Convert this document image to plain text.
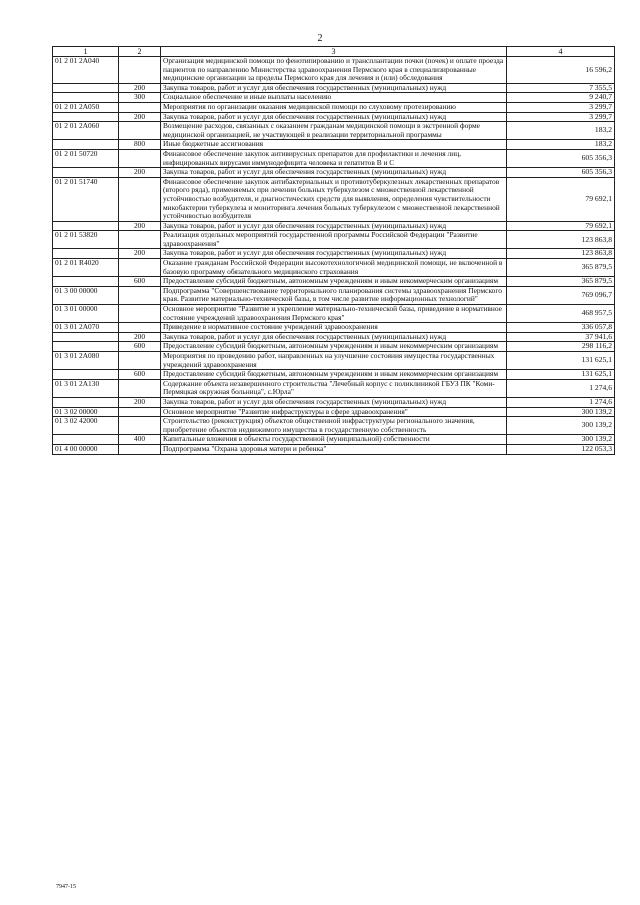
2
1	2	3	4
01 2 01 2А040		Организация медицинской помощи по фенотипированию и трансплантации почки (почек) и оплате проезда пациентов по направлению Министерства здравоохранения Пермского края в специализированные медицинские организации за пределы Пермского края для лечения и (или) обследования	16 596,2
	200	Закупка товаров, работ и услуг для обеспечения государственных (муниципальных) нужд	7 355,5
	300	Социальное обеспечение и иные выплаты населению	9 240,7
01 2 01 2А050		Мероприятия по организации оказания медицинской помощи по слуховому протезированию	3 299,7
	200	Закупка товаров, работ и услуг для обеспечения государственных (муниципальных) нужд	3 299,7
01 2 01 2А060		Возмещение расходов, связанных с оказанием гражданам медицинской помощи в экстренной форме медицинской организацией, не участвующей в реализации территориальной программы	183,2
	800	Иные бюджетные ассигнования	183,2
01 2 01 50720		Финансовое обеспечение закупок антивирусных препаратов для профилактики и лечения лиц, инфицированных вирусами иммунодефицита человека и гепатитов В и С	605 356,3
	200	Закупка товаров, работ и услуг для обеспечения государственных (муниципальных) нужд	605 356,3
01 2 01 51740		Финансовое обеспечение закупок антибактериальных и противотуберкулезных лекарственных препаратов (второго ряда), применяемых при лечении больных туберкулезом с множественной лекарственной устойчивостью возбудителя, и диагностических средств для выявления, определения чувствительности микобактерии туберкулеза и мониторинга лечения больных туберкулезом с множественной лекарственной устойчивостью возбудителя	79 692,1
	200	Закупка товаров, работ и услуг для обеспечения государственных (муниципальных) нужд	79 692,1
01 2 01 53820		Реализация отдельных мероприятий государственной программы Российской Федерации "Развитие здравоохранения"	123 863,8
	200	Закупка товаров, работ и услуг для обеспечения государственных (муниципальных) нужд	123 863,8
01 2 01 R4020		Оказание гражданам Российской Федерации высокотехнологичной медицинской помощи, не включенной в базовую программу обязательного медицинского страхования	365 879,5
	600	Предоставление субсидий бюджетным, автономным учреждениям и иным некоммерческим организациям	365 879,5
01 3 00 00000		Подпрограмма "Совершенствование территориального планирования системы здравоохранения Пермского края. Развитие материально-технической базы, в том числе развитие информационных технологий"	769 096,7
01 3 01 00000		Основное мероприятие "Развитие и укрепление материально-технической базы, приведение в нормативное состояние учреждений здравоохранения Пермского края"	468 957,5
01 3 01 2А070		Приведение в нормативное состояние учреждений здравоохранения	336 057,8
	200	Закупка товаров, работ и услуг для обеспечения государственных (муниципальных) нужд	37 941,6
	600	Предоставление субсидий бюджетным, автономным учреждениям и иным некоммерческим организациям	298 116,2
01 3 01 2А080		Мероприятия по проведению работ, направленных на улучшение состояния имущества государственных учреждений здравоохранения	131 625,1
	600	Предоставление субсидий бюджетным, автономным учреждениям и иным некоммерческим организациям	131 625,1
01 3 01 2А130		Содержание объекта незавершенного строительства "Лечебный корпус с поликлиникой ГБУЗ ПК "Коми-Пермяцкая окружная больница", с.Юрла"	1 274,6
	200	Закупка товаров, работ и услуг для обеспечения государственных (муниципальных) нужд	1 274,6
01 3 02 00000		Основное мероприятие "Развитие инфраструктуры в сфере здравоохранения"	300 139,2
01 3 02 42000		Строительство (реконструкция) объектов общественной инфраструктуры регионального значения, приобретение объектов недвижимого имущества в государственную собственность	300 139,2
	400	Капитальные вложения в объекты государственной (муниципальной) собственности	300 139,2
01 4 00 00000		Подпрограмма "Охрана здоровья матери и ребенка"	122 053,3
7947-15
